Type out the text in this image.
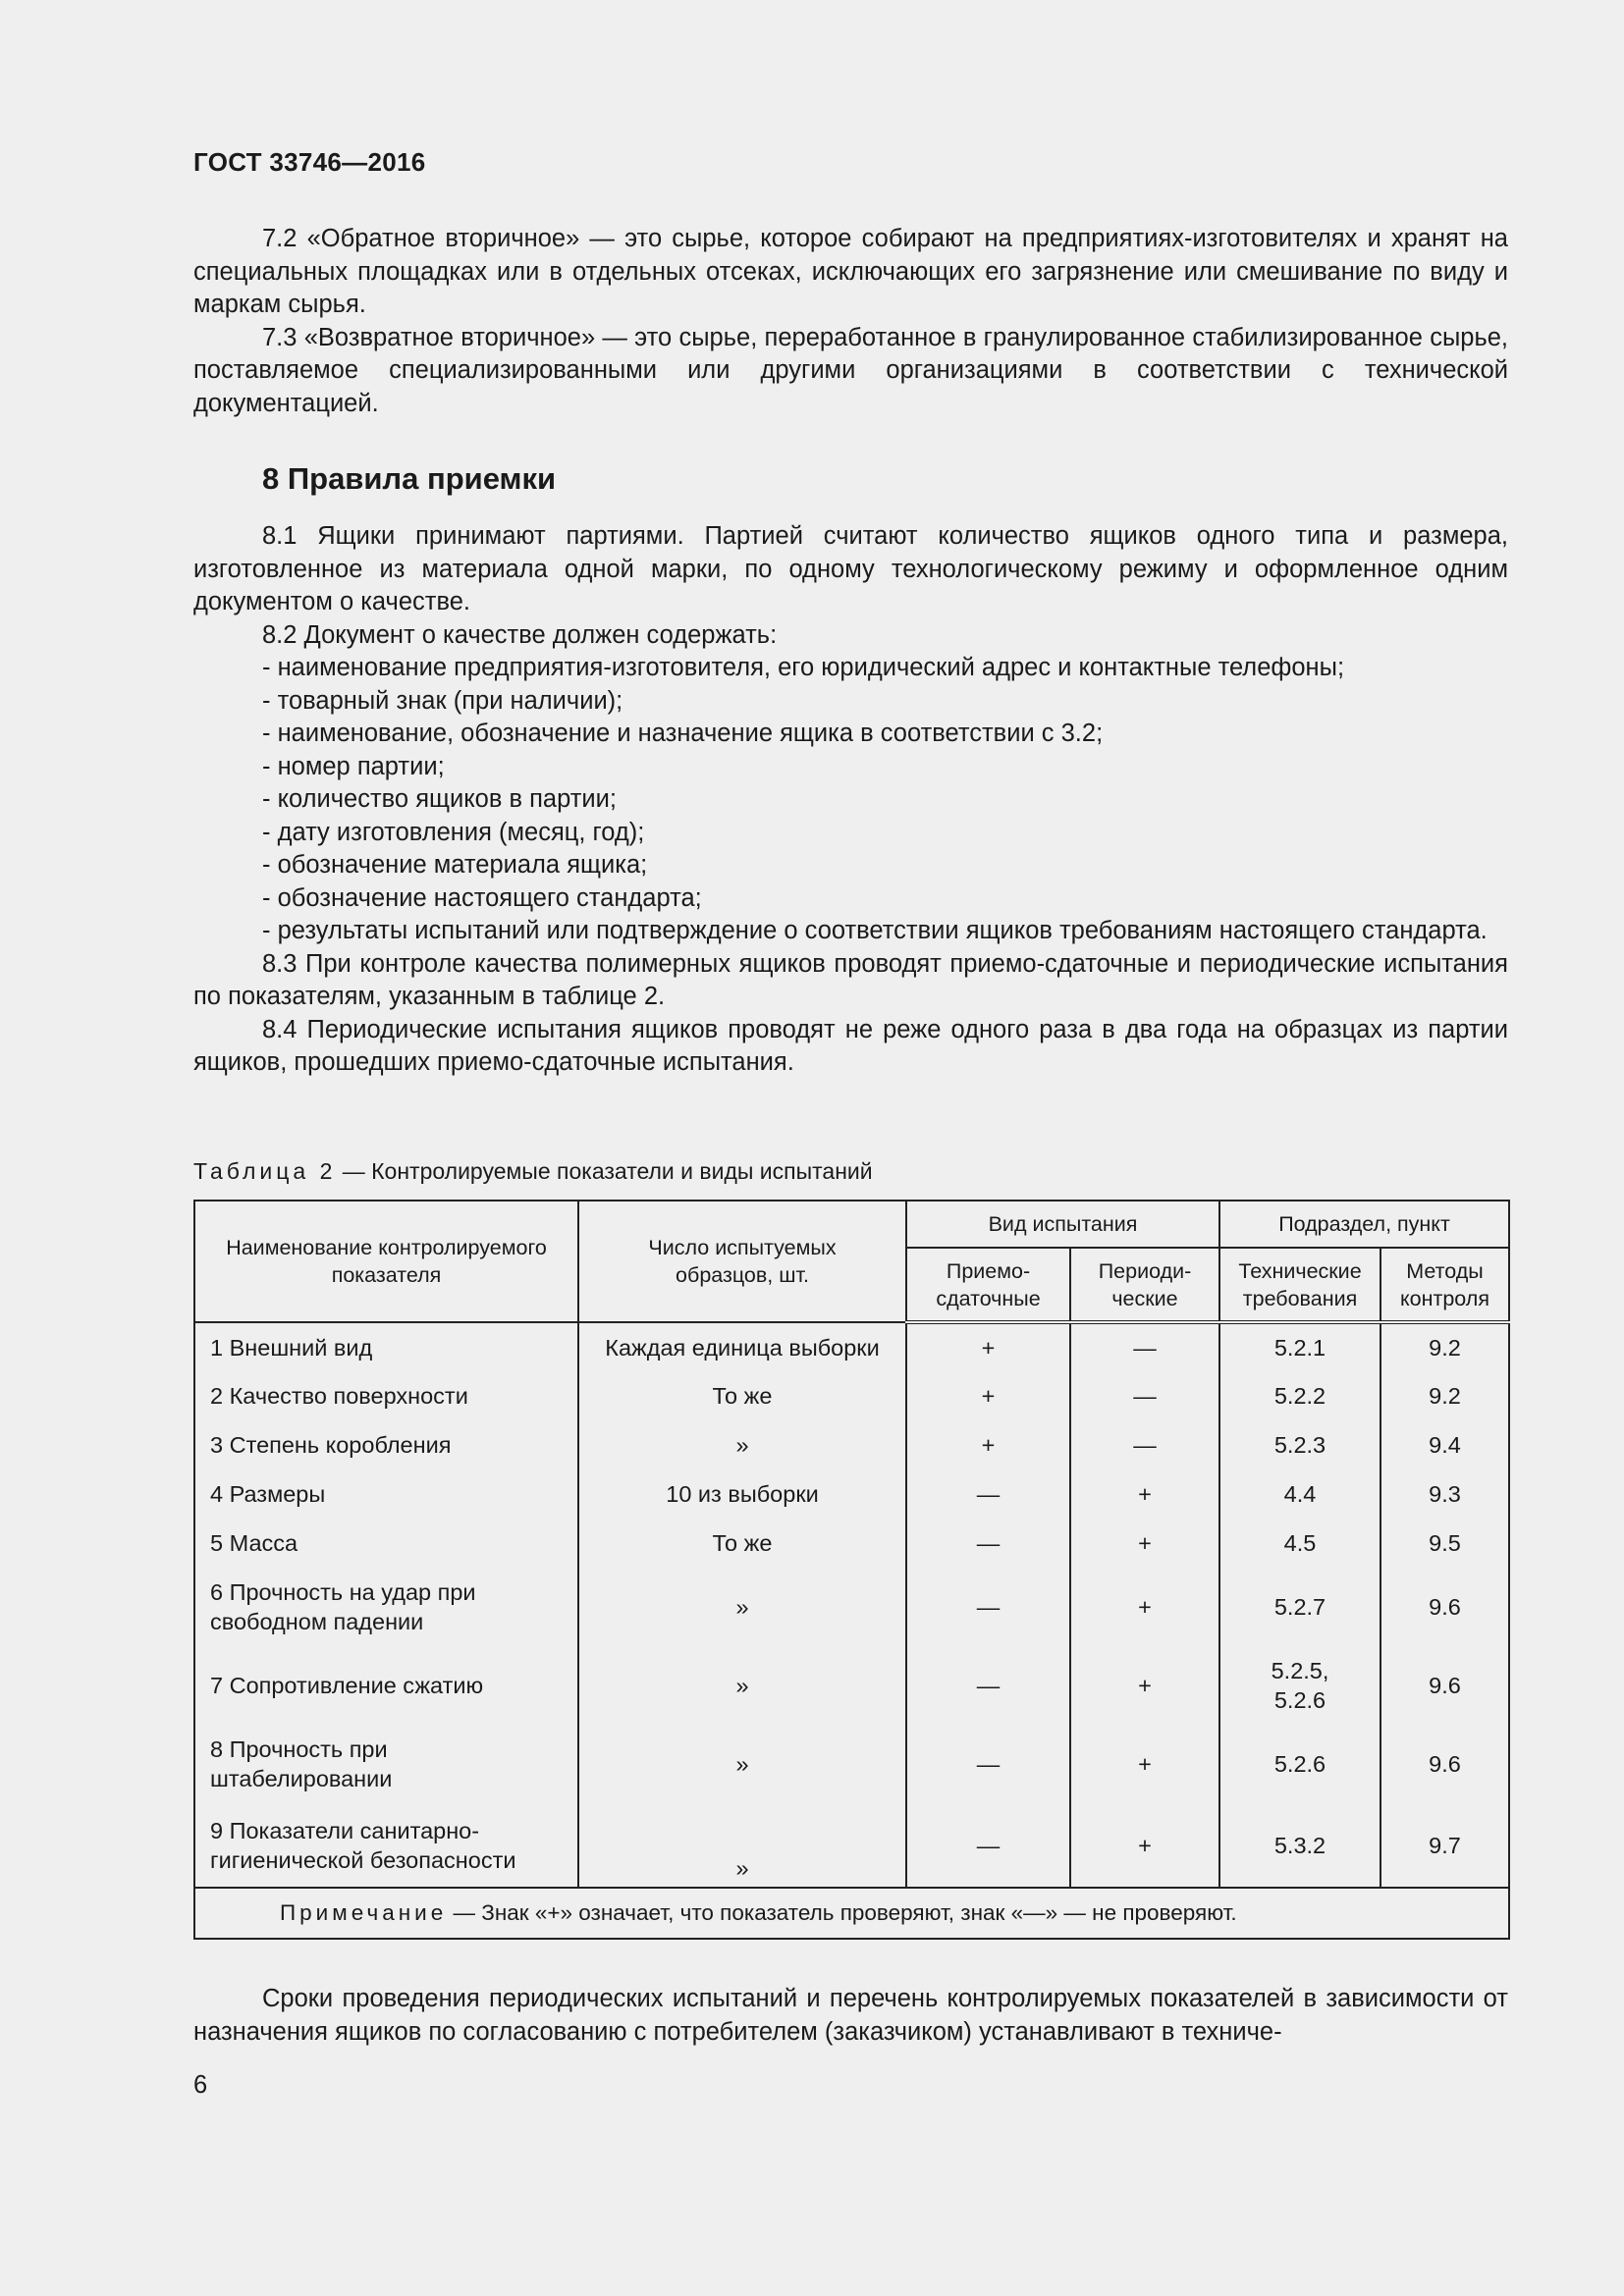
ГОСТ 33746—2016

7.2 «Обратное вторичное» — это сырье, которое собирают на предприятиях-изготовителях и хранят на специальных площадках или в отдельных отсеках, исключающих его загрязнение или смешивание по виду и маркам сырья.

7.3 «Возвратное вторичное» — это сырье, переработанное в гранулированное стабилизированное сырье, поставляемое специализированными или другими организациями в соответствии с технической документацией.

8 Правила приемки

8.1 Ящики принимают партиями. Партией считают количество ящиков одного типа и размера, изготовленное из материала одной марки, по одному технологическому режиму и оформленное одним документом о качестве.

8.2 Документ о качестве должен содержать:

- наименование предприятия-изготовителя, его юридический адрес и контактные телефоны;
- товарный знак (при наличии);
- наименование, обозначение и назначение ящика в соответствии с 3.2;
- номер партии;
- количество ящиков в партии;
- дату изготовления (месяц, год);
- обозначение материала ящика;
- обозначение настоящего стандарта;

- результаты испытаний или подтверждение о соответствии ящиков требованиям настоящего стандарта.

8.3 При контроле качества полимерных ящиков проводят приемо-сдаточные и периодические испытания по показателям, указанным в таблице 2.

8.4 Периодические испытания ящиков проводят не реже одного раза в два года на образцах из партии ящиков, прошедших приемо-сдаточные испытания.

Таблица 2 — Контролируемые показатели и виды испытаний
Наименование контролируемого показателя	Число испытуемых образцов, шт.	Вид испытания		Подраздел, пункт	
		Приемо-сдаточные	Периоди-ческие	Технические требования	Методы контроля
1 Внешний вид	Каждая единица выборки	+	—	5.2.1	9.2
2 Качество поверхности	То же	+	—	5.2.2	9.2
3 Степень коробления	»	+	—	5.2.3	9.4
4 Размеры	10 из выборки	—	+	4.4	9.3
5 Масса	То же	—	+	4.5	9.5
6 Прочность на удар при свободном падении	»	—	+	5.2.7	9.6
7 Сопротивление сжатию	»	—	+	5.2.5, 5.2.6	9.6
8 Прочность при штабелировании	»	—	+	5.2.6	9.6
9 Показатели санитарно-гигиенической безопасности	»	—	+	5.3.2	9.7
Примечание — Знак «+» означает, что показатель проверяют, знак «—» — не проверяют.					

Сроки проведения периодических испытаний и перечень контролируемых показателей в зависимости от назначения ящиков по согласованию с потребителем (заказчиком) устанавливают в техниче-

6
